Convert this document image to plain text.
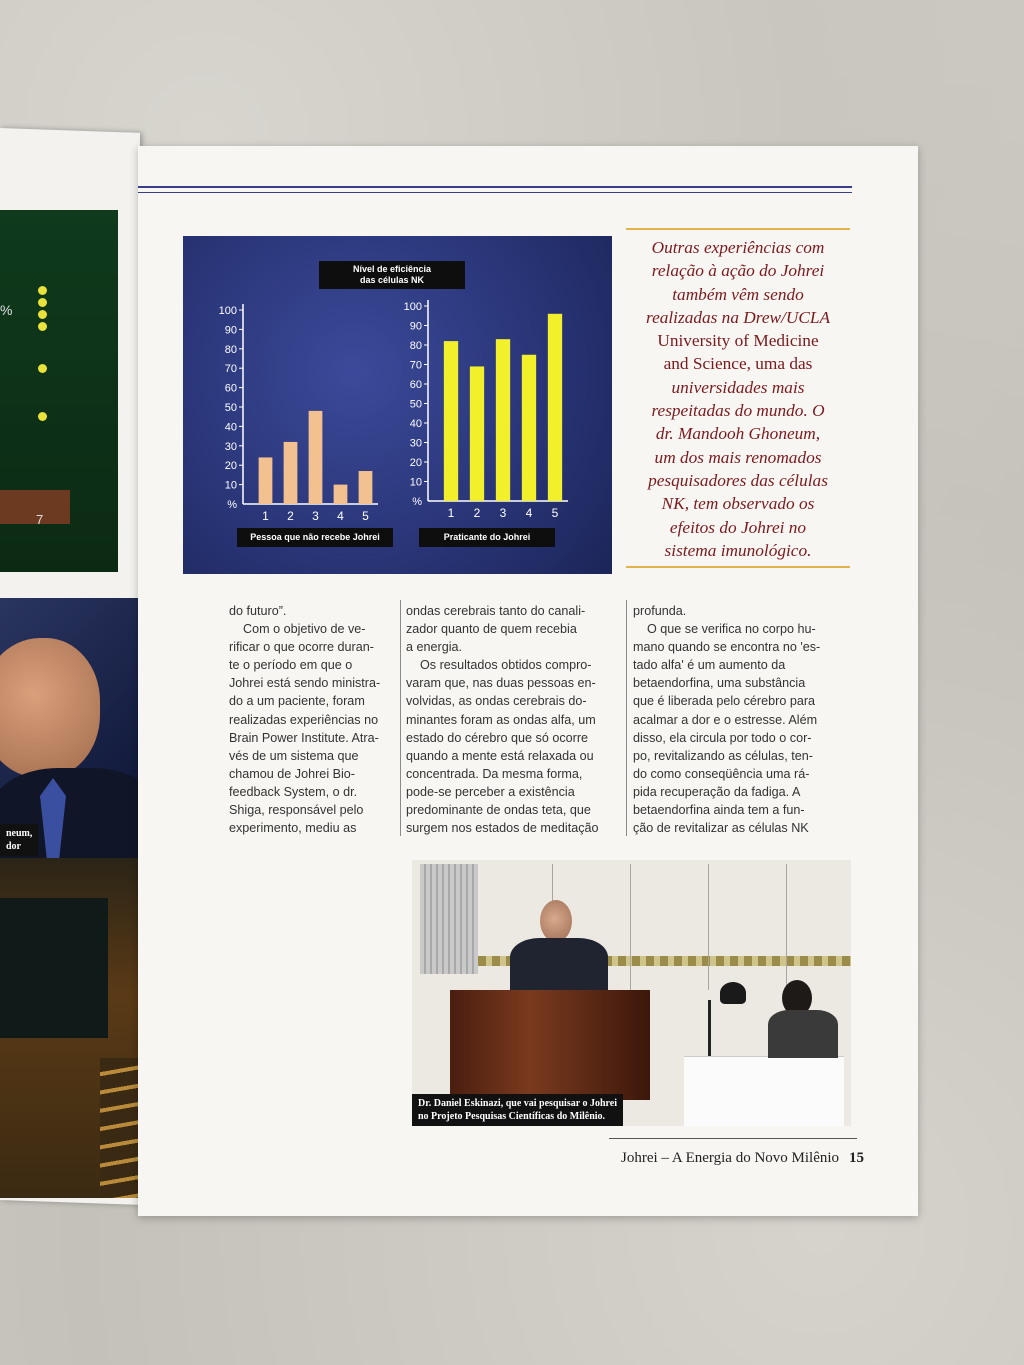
%
7
neum,
dor
Johrei – A Energia do Novo Milênio 15
100
90
80
70
60
50
40
30
20
10
%
1 2 3 4 5
100
90
80
70
60
50
40
30
20
10
%
1 2 3 4 5
Nível de eficiência
das células NK
Pessoa que não recebe Johrei	Praticante do Johrei

Outras experiências com
relação à ação do Johrei
também vêm sendo
realizadas na Drew/UCLA
University of Medicine
and Science, uma das
universidades mais
respeitadas do mundo. O
dr. Mandooh Ghoneum,
um dos mais renomados
pesquisadores das células
NK, tem observado os
efeitos do Johrei no
sistema imunológico.

do futuro”.
Com o objetivo de ve-
rificar o que ocorre duran-
te o período em que o
Johrei está sendo ministra-
do a um paciente, foram
realizadas experiências no
Brain Power Institute. Atra-
vés de um sistema que
chamou de Johrei Bio-
feedback System, o dr.
Shiga, responsável pelo
experimento, mediu as
ondas cerebrais tanto do canali-
zador quanto de quem recebia
a energia.
Os resultados obtidos compro-
varam que, nas duas pessoas en-
volvidas, as ondas cerebrais do-
minantes foram as ondas alfa, um
estado do cérebro que só ocorre
quando a mente está relaxada ou
concentrada. Da mesma forma,
pode-se perceber a existência
predominante de ondas teta, que
surgem nos estados de meditação
profunda.
O que se verifica no corpo hu-
mano quando se encontra no 'es-
tado alfa' é um aumento da
betaendorfina, uma substância
que é liberada pelo cérebro para
acalmar a dor e o estresse. Além
disso, ela circula por todo o cor-
po, revitalizando as células, ten-
do como conseqüência uma rá-
pida recuperação da fadiga. A
betaendorfina ainda tem a fun-
ção de revitalizar as células NK
Dr. Daniel Eskinazi, que vai pesquisar o Johrei
no Projeto Pesquisas Científicas do Milênio.
